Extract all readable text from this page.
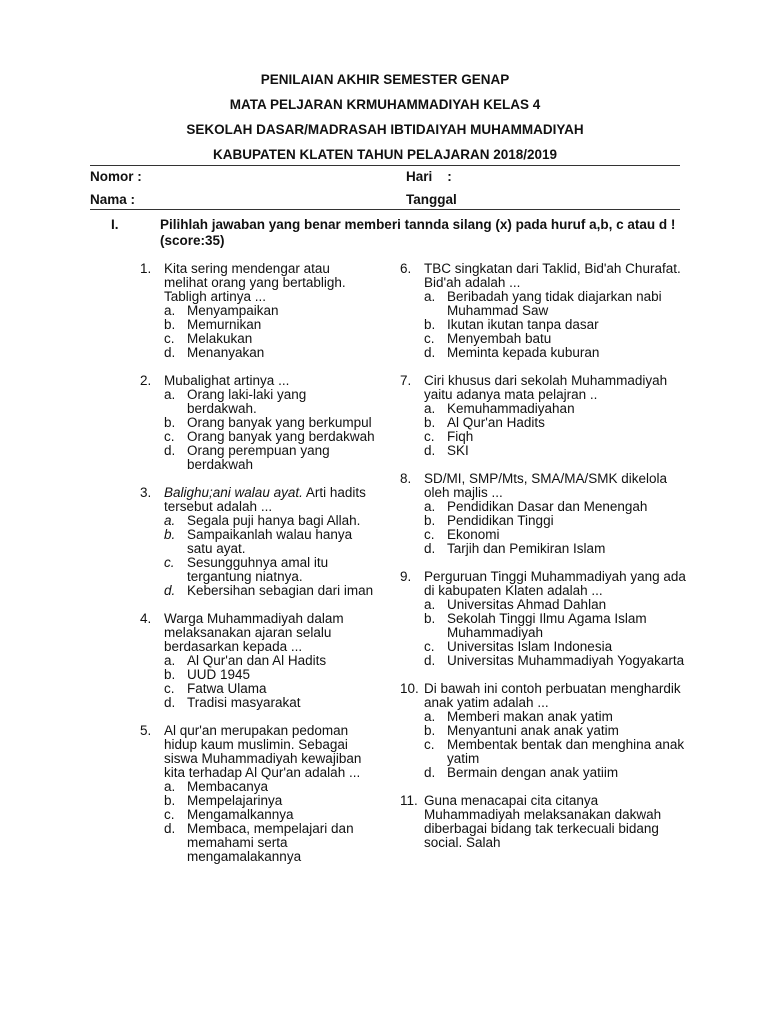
PENILAIAN AKHIR SEMESTER GENAP
MATA PELJARAN KRMUHAMMADIYAH KELAS 4
SEKOLAH DASAR/MADRASAH IBTIDAIYAH MUHAMMADIYAH
KABUPATEN KLATEN TAHUN PELAJARAN 2018/2019
Nomor :	Hari    :
Nama :	Tanggal
I.	Pilihlah jawaban yang benar memberi tannda silang (x) pada huruf a,b, c atau d ! (score:35)
1. Kita sering mendengar atau melihat orang yang bertabligh. Tabligh artinya ...

a. Menyampaikan
b. Memurnikan
c. Melakukan
d. Menanyakan
2. Mubalighat artinya ...

a. Orang laki-laki yang berdakwah.
b. Orang banyak yang berkumpul
c. Orang banyak yang berdakwah
d. Orang perempuan yang berdakwah
3. Balighu;ani walau ayat. Arti hadits tersebut adalah ...

a. Segala puji hanya bagi Allah.
b. Sampaikanlah walau hanya satu ayat.
c. Sesungguhnya amal itu tergantung niatnya.
d. Kebersihan sebagian dari iman
4. Warga Muhammadiyah dalam melaksanakan ajaran selalu berdasarkan kepada ...

a. Al Qur'an dan Al Hadits
b. UUD 1945
c. Fatwa Ulama
d. Tradisi masyarakat
5. Al qur'an merupakan pedoman hidup kaum muslimin. Sebagai siswa Muhammadiyah kewajiban kita terhadap Al Qur'an adalah ...

a. Membacanya
b. Mempelajarinya
c. Mengamalkannya
d. Membaca, mempelajari dan memahami serta mengamalakannya
6. TBC singkatan dari Taklid, Bid'ah Churafat. Bid'ah adalah ...

a. Beribadah yang tidak diajarkan nabi Muhammad Saw
b. Ikutan ikutan tanpa dasar
c. Menyembah batu
d. Meminta kepada kuburan
7. Ciri khusus dari sekolah Muhammadiyah yaitu adanya mata pelajran ..

a. Kemuhammadiyahan
b. Al Qur'an Hadits
c. Fiqh
d. SKI
8. SD/MI, SMP/Mts, SMA/MA/SMK dikelola oleh majlis ...

a. Pendidikan Dasar dan Menengah
b. Pendidikan Tinggi
c. Ekonomi
d. Tarjih dan Pemikiran Islam
9. Perguruan Tinggi Muhammadiyah yang ada di kabupaten Klaten adalah ...

a. Universitas Ahmad Dahlan
b. Sekolah Tinggi Ilmu Agama Islam Muhammadiyah
c. Universitas Islam Indonesia
d. Universitas Muhammadiyah Yogyakarta
10. Di bawah ini contoh perbuatan menghardik anak yatim adalah ...

a. Memberi makan anak yatim
b. Menyantuni anak anak yatim
c. Membentak bentak dan menghina anak yatim
d. Bermain dengan anak yatiim
11. Guna menacapai cita citanya Muhammadiyah melaksanakan dakwah diberbagai bidang tak terkecuali bidang social. Salah
